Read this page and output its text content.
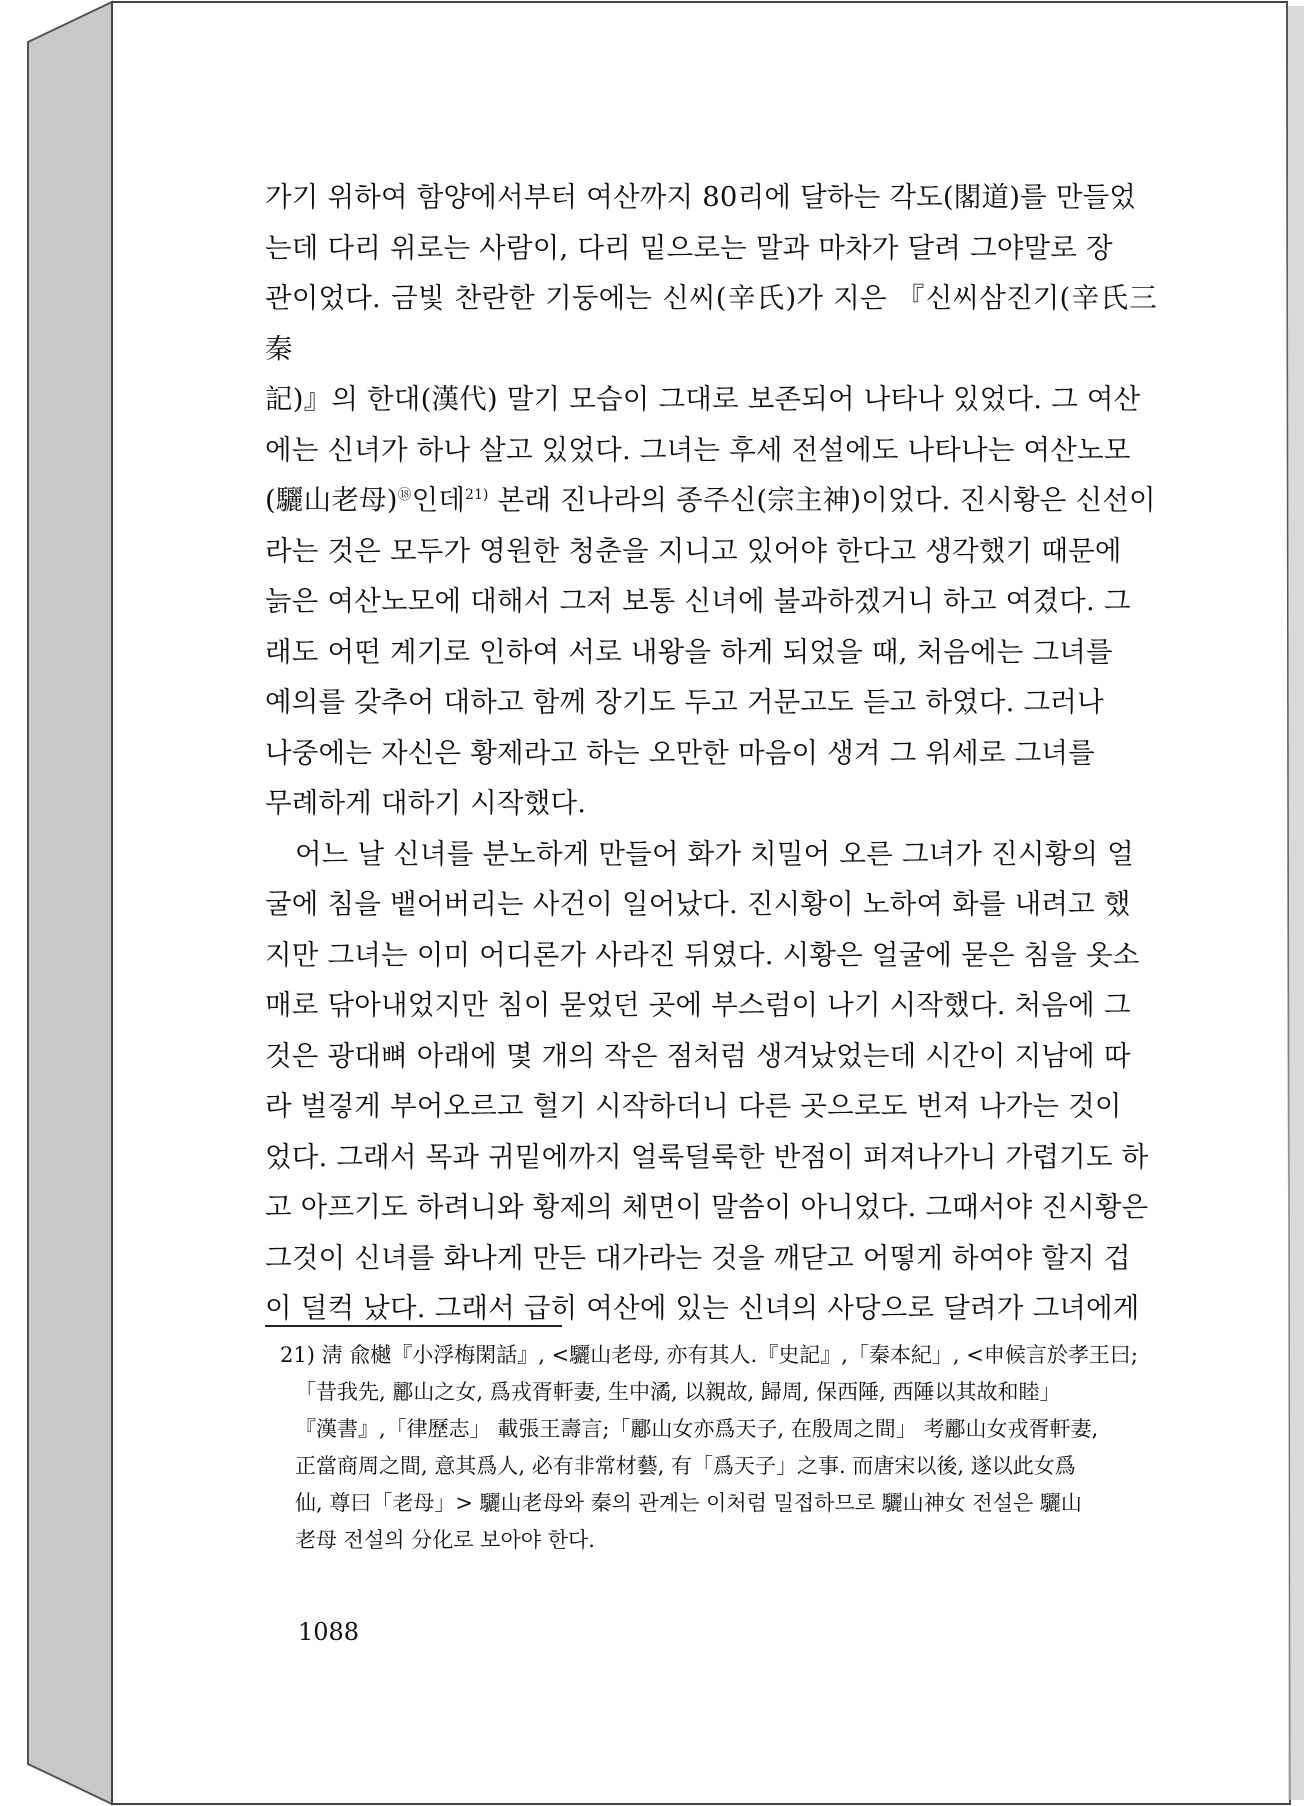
가기 위하여 함양에서부터 여산까지 80리에 달하는 각도(閣道)를 만들었
는데 다리 위로는 사람이, 다리 밑으로는 말과 마차가 달려 그야말로 장
관이었다. 금빛 찬란한 기둥에는 신씨(辛氏)가 지은 『신씨삼진기(辛氏三秦
記)』의 한대(漢代) 말기 모습이 그대로 보존되어 나타나 있었다. 그 여산
에는 신녀가 하나 살고 있었다. 그녀는 후세 전설에도 나타나는 여산노모
(驪山老母)⑱인데$^{21)}$ 본래 진나라의 종주신(宗主神)이었다. 진시황은 신선이
라는 것은 모두가 영원한 청춘을 지니고 있어야 한다고 생각했기 때문에
늙은 여산노모에 대해서 그저 보통 신녀에 불과하겠거니 하고 여겼다. 그
래도 어떤 계기로 인하여 서로 내왕을 하게 되었을 때, 처음에는 그녀를
예의를 갖추어 대하고 함께 장기도 두고 거문고도 듣고 하였다. 그러나
나중에는 자신은 황제라고 하는 오만한 마음이 생겨 그 위세로 그녀를
무례하게 대하기 시작했다.
어느 날 신녀를 분노하게 만들어 화가 치밀어 오른 그녀가 진시황의 얼
굴에 침을 뱉어버리는 사건이 일어났다. 진시황이 노하여 화를 내려고 했
지만 그녀는 이미 어디론가 사라진 뒤였다. 시황은 얼굴에 묻은 침을 옷소
매로 닦아내었지만 침이 묻었던 곳에 부스럼이 나기 시작했다. 처음에 그
것은 광대뼈 아래에 몇 개의 작은 점처럼 생겨났었는데 시간이 지남에 따
라 벌겋게 부어오르고 헐기 시작하더니 다른 곳으로도 번져 나가는 것이
었다. 그래서 목과 귀밑에까지 얼룩덜룩한 반점이 퍼져나가니 가렵기도 하
고 아프기도 하려니와 황제의 체면이 말씀이 아니었다. 그때서야 진시황은
그것이 신녀를 화나게 만든 대가라는 것을 깨닫고 어떻게 하여야 할지 겁
이 덜컥 났다. 그래서 급히 여산에 있는 신녀의 사당으로 달려가 그녀에게
21) 淸 兪樾『小浮梅閑話』, <驪山老母, 亦有其人.『史記』,「秦本紀」, <申候言於孝王曰;
「昔我先, 酈山之女, 爲戎胥軒妻, 生中潏, 以親故, 歸周, 保西陲, 西陲以其故和睦」
『漢書』,「律歷志」 載張王壽言;「酈山女亦爲天子, 在殷周之間」 考酈山女戎胥軒妻,
正當商周之間, 意其爲人, 必有非常材藝, 有「爲天子」之事. 而唐宋以後, 遂以此女爲
仙, 尊曰「老母」> 驪山老母와 秦의 관계는 이처럼 밀접하므로 驪山神女 전설은 驪山
老母 전설의 分化로 보아야 한다.
1088
